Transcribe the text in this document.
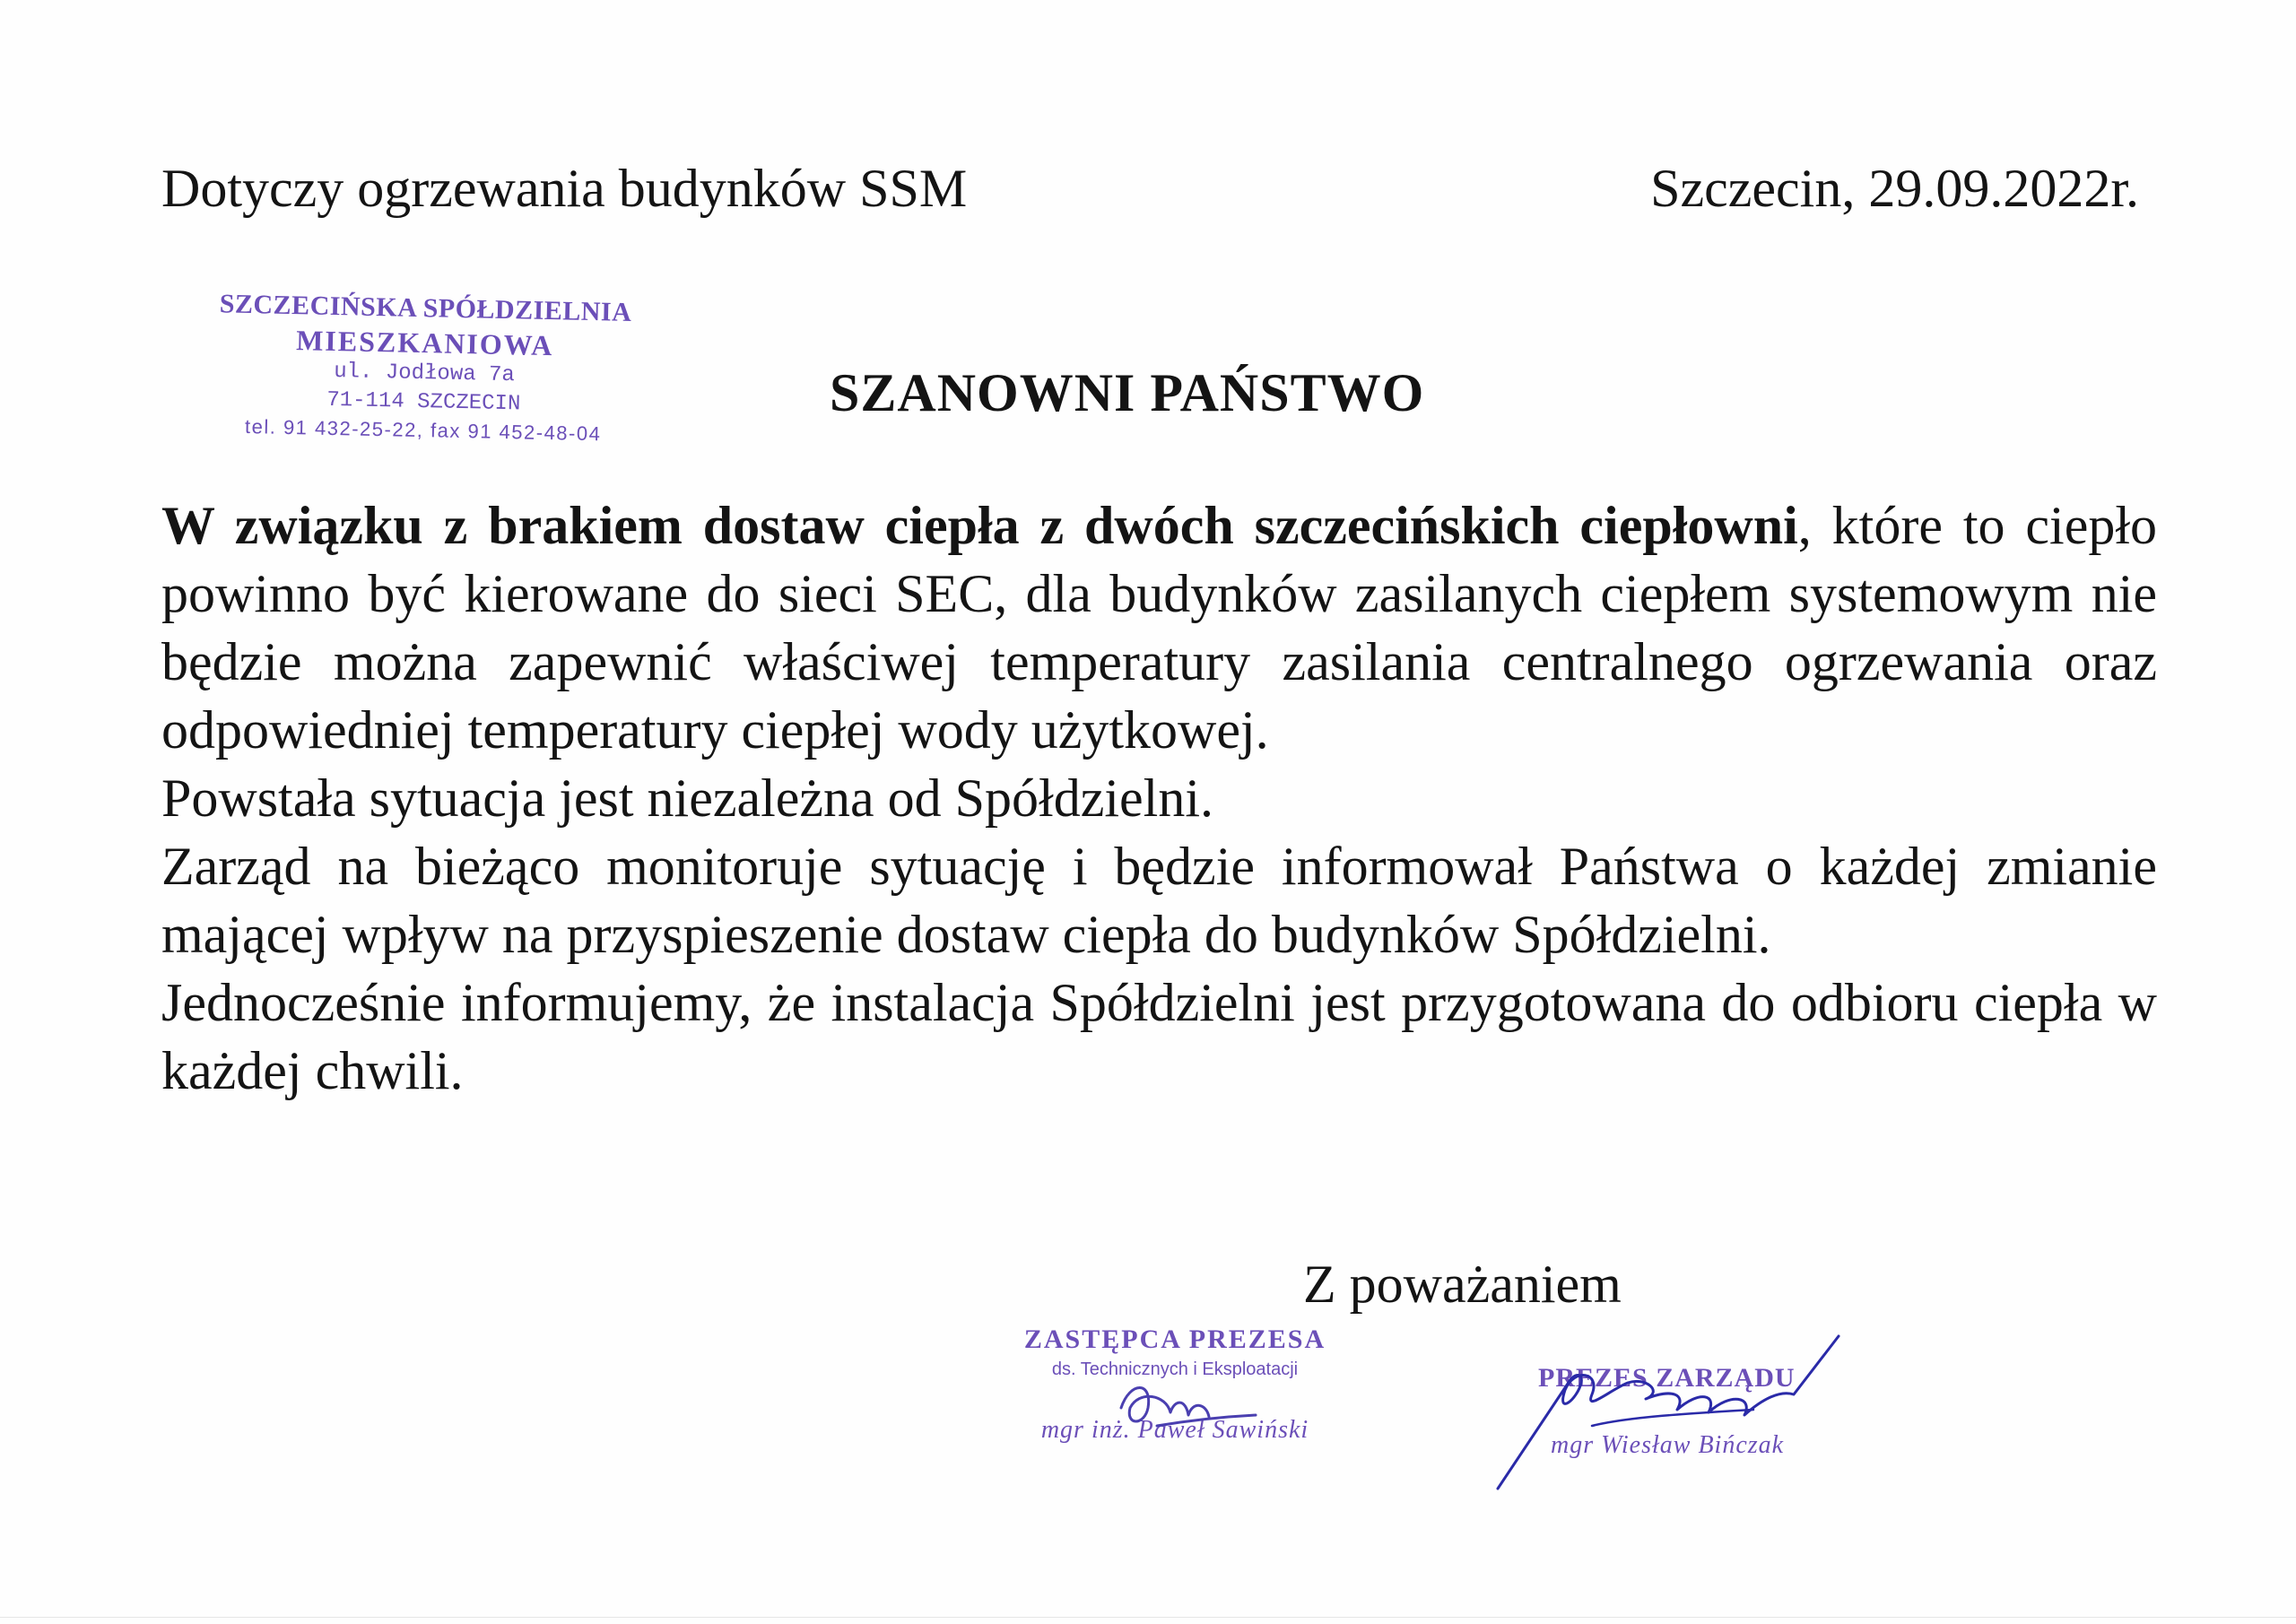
Dotyczy ogrzewania budynków SSM	Szczecin, 29.09.2022r.
SZCZECIŃSKA SPÓŁDZIELNIA
MIESZKANIOWA
ul. Jodłowa 7a
71-114 SZCZECIN
tel. 91 432-25-22, fax 91 452-48-04
SZANOWNI PAŃSTWO

W związku z brakiem dostaw ciepła z dwóch szczecińskich ciepłowni, które to ciepło powinno być kierowane do sieci SEC, dla budynków zasilanych ciepłem systemowym nie będzie można zapewnić właściwej temperatury zasilania centralnego ogrzewania oraz odpowiedniej temperatury ciepłej wody użytkowej.

Powstała sytuacja jest niezależna od Spółdzielni.

Zarząd na bieżąco monitoruje sytuację i będzie informował Państwa o każdej zmianie mającej wpływ na przyspieszenie dostaw ciepła do budynków Spółdzielni.

Jednocześnie informujemy, że instalacja Spółdzielni jest przygotowana do odbioru ciepła w każdej chwili.

Z poważaniem
ZASTĘPCA PREZESA
ds. Technicznych i Eksploatacji
mgr inż. Paweł Sawiński
PREZES ZARZĄDU
mgr Wiesław Bińczak
